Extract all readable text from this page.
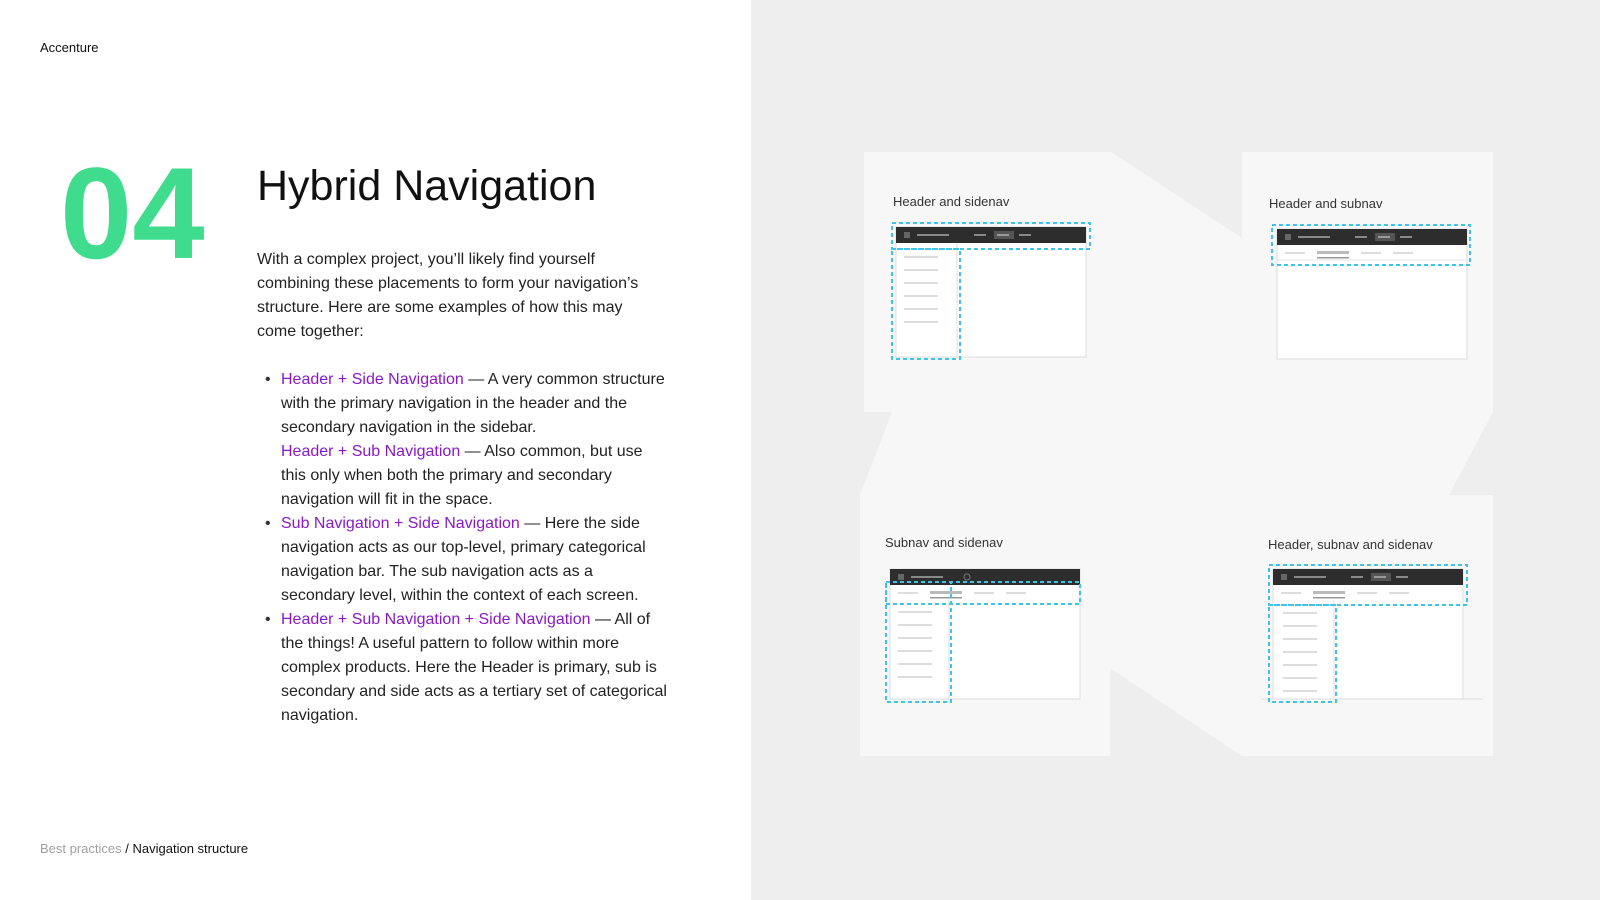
Accenture
04 Hybrid Navigation

With a complex project, you’ll likely find yourself combining these placements to form your navigation’s structure. Here are some examples of how this may come together:

• Header + Side Navigation — A very common structure with the primary navigation in the header and the secondary navigation in the sidebar.
Header + Sub Navigation — Also common, but use this only when both the primary and secondary navigation will fit in the space.
• Sub Navigation + Side Navigation — Here the side navigation acts as our top-level, primary categorical navigation bar. The sub navigation acts as a secondary level, within the context of each screen.
• Header + Sub Navigation + Side Navigation — All of the things! A useful pattern to follow within more complex products. Here the Header is primary, sub is secondary and side acts as a tertiary set of categorical navigation.
Best practices / Navigation structure
Header and sidenav	Header and subnav
Subnav and sidenav	Header, subnav and sidenav
